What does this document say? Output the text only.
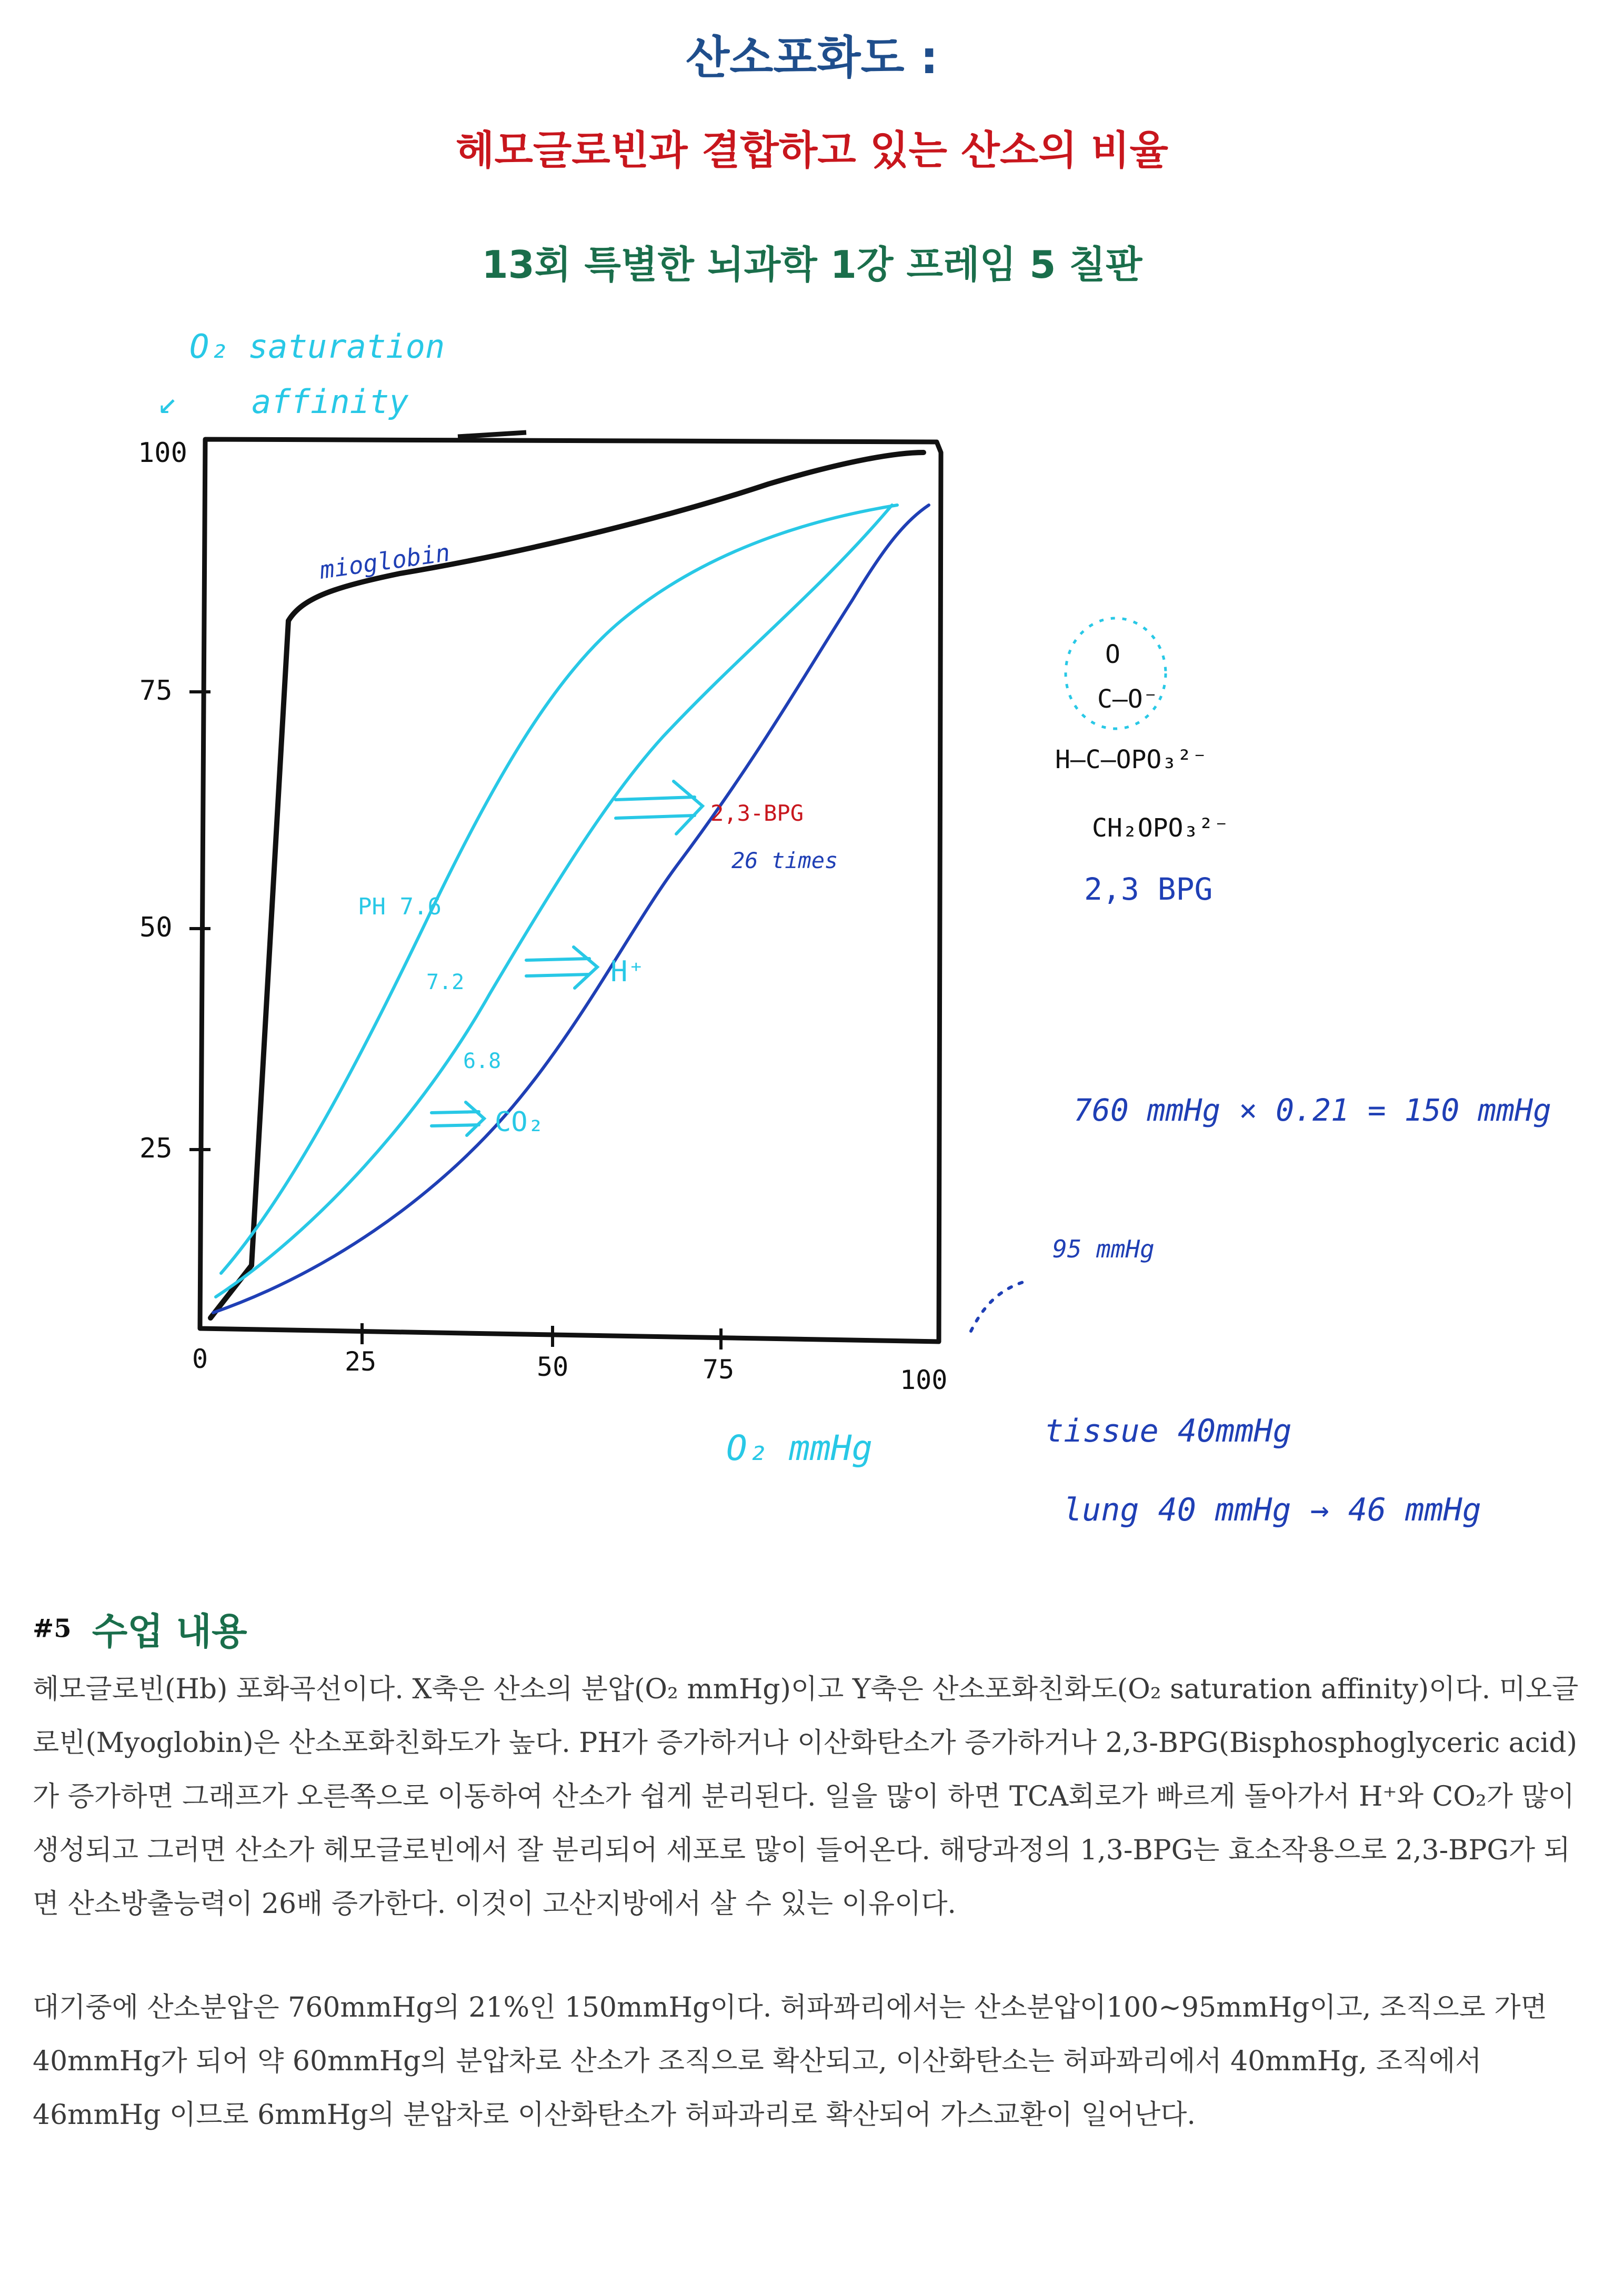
산소포화도 :
헤모글로빈과 결합하고 있는 산소의 비율
13회 특별한 뇌과학 1강 프레임 5 칠판
O₂ saturation
↙ affinity
100
75
50
25
0	25	50	75	100
O₂ mmHg
mioglobin
PH 7.6
7.2
6.8
2,3-BPG
26 times
H⁺
CO₂
O
C–O⁻
H–C–OPO₃²⁻
CH₂OPO₃²⁻
2,3 BPG
760 mmHg × 0.21 = 150 mmHg
95 mmHg
tissue 40mmHg
lung 40 mmHg → 46 mmHg
#5 수업 내용

헤모글로빈(Hb) 포화곡선이다. X축은 산소의 분압(O₂ mmHg)이고 Y축은 산소포화친화도(O₂ saturation affinity)이다. 미오글로빈(Myoglobin)은 산소포화친화도가 높다. PH가 증가하거나 이산화탄소가 증가하거나 2,3-BPG(Bisphosphoglyceric acid)가 증가하면 그래프가 오른쪽으로 이동하여 산소가 쉽게 분리된다. 일을 많이 하면 TCA회로가 빠르게 돌아가서 H⁺와 CO₂가 많이 생성되고 그러면 산소가 헤모글로빈에서 잘 분리되어 세포로 많이 들어온다. 해당과정의 1,3-BPG는 효소작용으로 2,3-BPG가 되면 산소방출능력이 26배 증가한다. 이것이 고산지방에서 살 수 있는 이유이다.

대기중에 산소분압은 760mmHg의 21%인 150mmHg이다. 허파꽈리에서는 산소분압이100~95mmHg이고, 조직으로 가면 40mmHg가 되어 약 60mmHg의 분압차로 산소가 조직으로 확산되고, 이산화탄소는 허파꽈리에서 40mmHg, 조직에서 46mmHg 이므로 6mmHg의 분압차로 이산화탄소가 허파과리로 확산되어 가스교환이 일어난다.
